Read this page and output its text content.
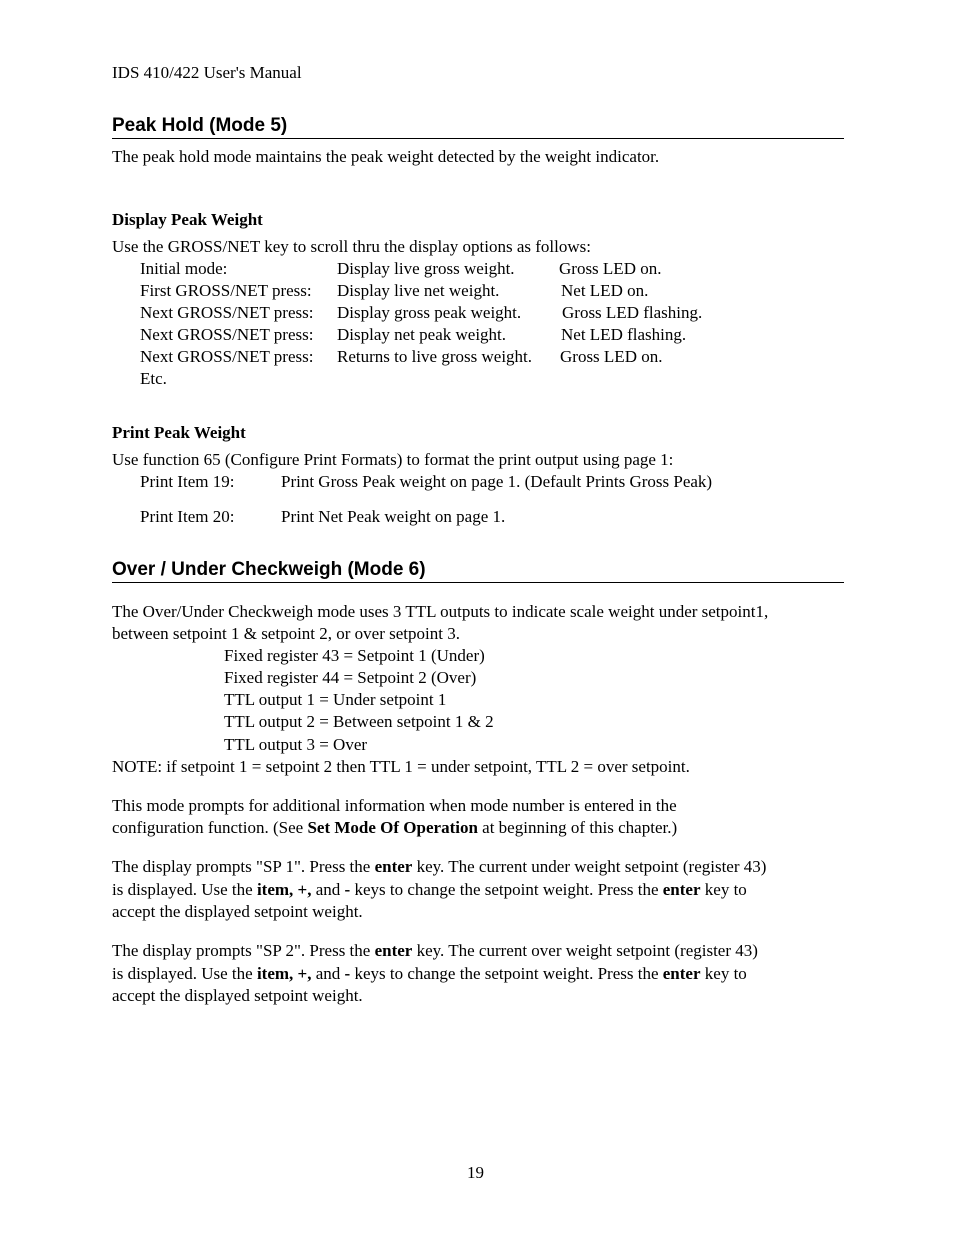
IDS 410/422 User's Manual
Peak Hold (Mode 5)
The peak hold mode maintains the peak weight detected by the weight indicator.
Display Peak Weight
Use the GROSS/NET key to scroll thru the display options as follows:
Initial mode:	Display live gross weight.	Gross LED on.
First GROSS/NET press: Display live net weight.	Net LED on.
Next GROSS/NET press: Display gross peak weight. Gross LED flashing.
Next GROSS/NET press: Display net peak weight.	Net LED flashing.
Next GROSS/NET press: Returns to live gross weight. Gross LED on.
Etc.
Print Peak Weight
Use function 65 (Configure Print Formats) to format the print output using page 1:
Print Item 19:	Print Gross Peak weight on page 1. (Default Prints Gross Peak)
Print Item 20:	Print Net Peak weight on page 1.
Over / Under Checkweigh (Mode 6)
The Over/Under Checkweigh mode uses 3 TTL outputs to indicate scale weight under setpoint1,
between setpoint 1 & setpoint 2, or over setpoint 3.
Fixed register 43 = Setpoint 1 (Under)
Fixed register 44 = Setpoint 2 (Over)
TTL output 1 = Under setpoint 1
TTL output 2 = Between setpoint 1 & 2
TTL output 3 = Over
NOTE: if setpoint 1 = setpoint 2 then TTL 1 = under setpoint, TTL 2 = over setpoint.
This mode prompts for additional information when mode number is entered in the
configuration function. (See Set Mode Of Operation at beginning of this chapter.)
The display prompts "SP 1". Press the enter key. The current under weight setpoint (register 43)
is displayed. Use the item, +, and - keys to change the setpoint weight. Press the enter key to
accept the displayed setpoint weight.
The display prompts "SP 2". Press the enter key. The current over weight setpoint (register 43)
is displayed. Use the item, +, and - keys to change the setpoint weight. Press the enter key to
accept the displayed setpoint weight.
19
